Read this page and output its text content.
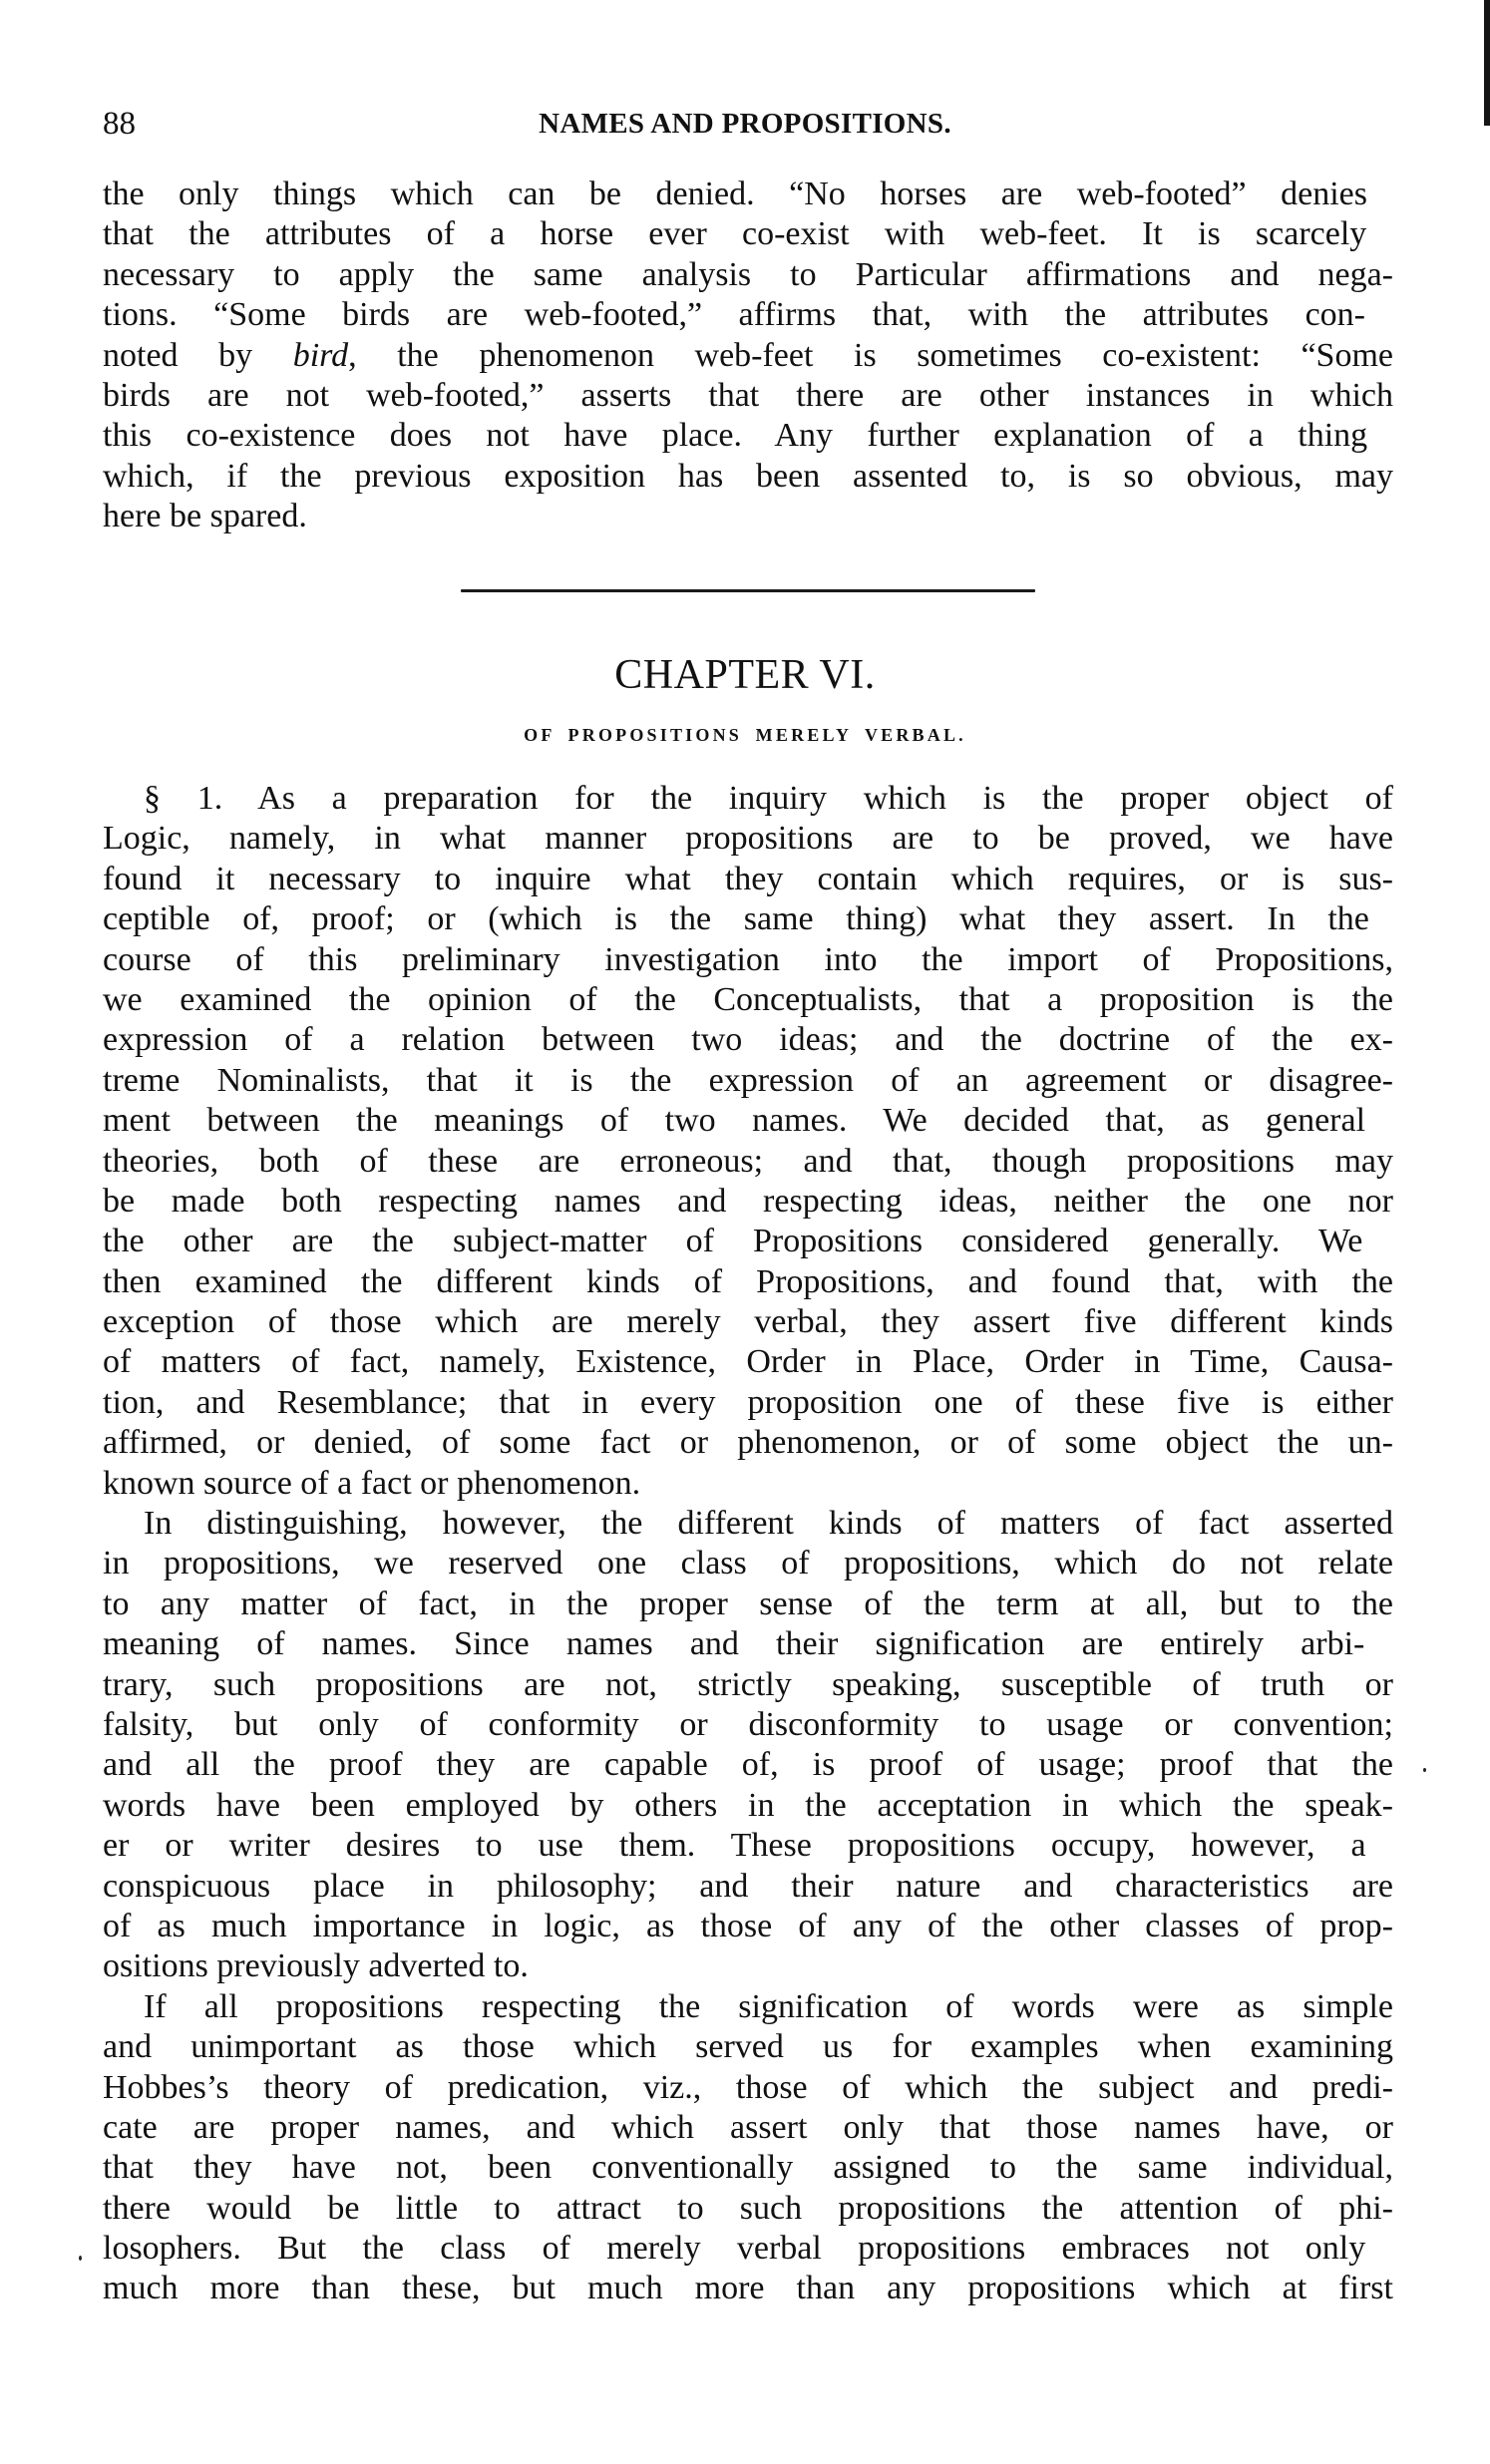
88	NAMES AND PROPOSITIONS.
the only things which can be denied. “No horses are web-footed” denies
that the attributes of a horse ever co-exist with web-feet. It is scarcely
necessary to apply the same analysis to Particular affirmations and nega-
tions. “Some birds are web-footed,” affirms that, with the attributes con-
noted by bird, the phenomenon web-feet is sometimes co-existent: “Some
birds are not web-footed,” asserts that there are other instances in which
this co-existence does not have place. Any further explanation of a thing
which, if the previous exposition has been assented to, is so obvious, may
here be spared.
CHAPTER VI.
OF PROPOSITIONS MERELY VERBAL.
§ 1. As a preparation for the inquiry which is the proper object of
Logic, namely, in what manner propositions are to be proved, we have
found it necessary to inquire what they contain which requires, or is sus-
ceptible of, proof; or (which is the same thing) what they assert. In the
course of this preliminary investigation into the import of Propositions,
we examined the opinion of the Conceptualists, that a proposition is the
expression of a relation between two ideas; and the doctrine of the ex-
treme Nominalists, that it is the expression of an agreement or disagree-
ment between the meanings of two names. We decided that, as general
theories, both of these are erroneous; and that, though propositions may
be made both respecting names and respecting ideas, neither the one nor
the other are the subject-matter of Propositions considered generally. We
then examined the different kinds of Propositions, and found that, with the
exception of those which are merely verbal, they assert five different kinds
of matters of fact, namely, Existence, Order in Place, Order in Time, Causa-
tion, and Resemblance; that in every proposition one of these five is either
affirmed, or denied, of some fact or phenomenon, or of some object the un-
known source of a fact or phenomenon.
In distinguishing, however, the different kinds of matters of fact asserted
in propositions, we reserved one class of propositions, which do not relate
to any matter of fact, in the proper sense of the term at all, but to the
meaning of names. Since names and their signification are entirely arbi-
trary, such propositions are not, strictly speaking, susceptible of truth or
falsity, but only of conformity or disconformity to usage or convention;
and all the proof they are capable of, is proof of usage; proof that the
words have been employed by others in the acceptation in which the speak-
er or writer desires to use them. These propositions occupy, however, a
conspicuous place in philosophy; and their nature and characteristics are
of as much importance in logic, as those of any of the other classes of prop-
ositions previously adverted to.
If all propositions respecting the signification of words were as simple
and unimportant as those which served us for examples when examining
Hobbes’s theory of predication, viz., those of which the subject and predi-
cate are proper names, and which assert only that those names have, or
that they have not, been conventionally assigned to the same individual,
there would be little to attract to such propositions the attention of phi-
losophers. But the class of merely verbal propositions embraces not only
much more than these, but much more than any propositions which at first
